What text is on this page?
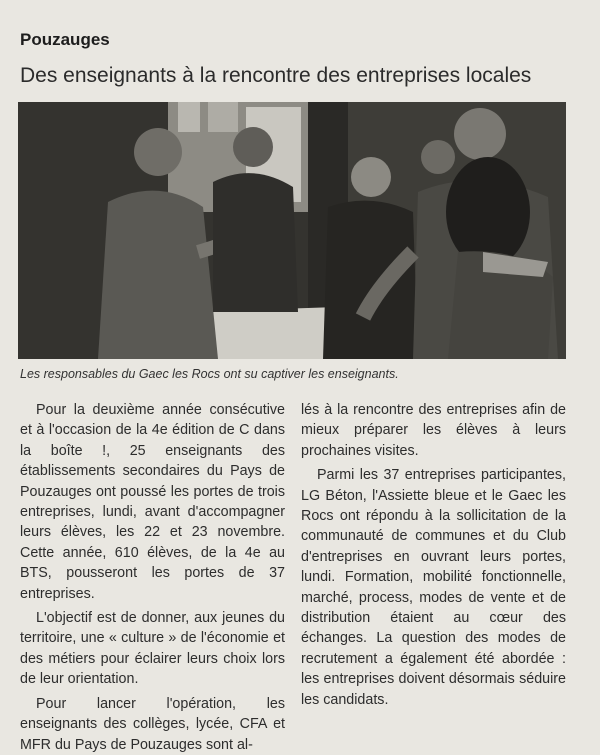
Pouzauges
Des enseignants à la rencontre des entreprises locales
Les responsables du Gaec les Rocs ont su captiver les enseignants.

Pour la deuxième année consécutive et à l'occasion de la 4e édition de C dans la boîte !, 25 enseignants des établissements secondaires du Pays de Pouzauges ont poussé les portes de trois entreprises, lundi, avant d'accompagner leurs élèves, les 22 et 23 novembre. Cette année, 610 élèves, de la 4e au BTS, pousseront les portes de 37 entreprises.

L'objectif est de donner, aux jeunes du territoire, une « culture » de l'économie et des métiers pour éclairer leurs choix lors de leur orientation.

Pour lancer l'opération, les enseignants des collèges, lycée, CFA et MFR du Pays de Pouzauges sont al-

lés à la rencontre des entreprises afin de mieux préparer les élèves à leurs prochaines visites.

Parmi les 37 entreprises participantes, LG Béton, l'Assiette bleue et le Gaec les Rocs ont répondu à la sollicitation de la communauté de communes et du Club d'entreprises en ouvrant leurs portes, lundi. Formation, mobilité fonctionnelle, marché, process, modes de vente et de distribution étaient au cœur des échanges. La question des modes de recrutement a également été abordée : les entreprises doivent désormais séduire les candidats.
